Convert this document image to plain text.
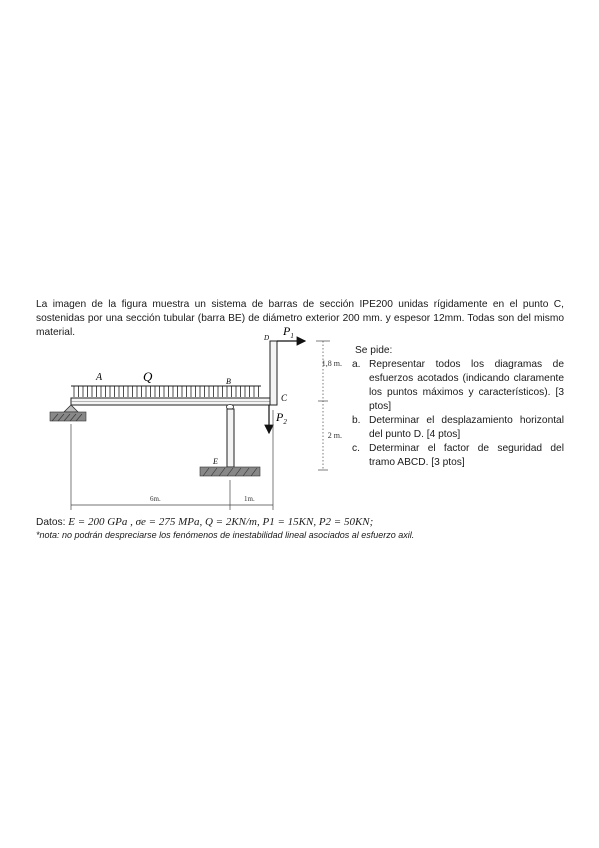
La imagen de la figura muestra un sistema de barras de sección IPE200 unidas rígidamente en el punto C, sostenidas por una sección tubular (barra BE) de diámetro exterior 200 mm. y espesor 12mm. Todas son del mismo material.
A	Q	B
C
D
E
$P_1$
$P_2$
1,8 m.
2 m.
6m.	1m.
Se pide:
a. Representar todos los diagramas de esfuerzos acotados (indicando claramente los puntos máximos y característicos). [3 ptos]
b. Determinar el desplazamiento horizontal del punto D. [4 ptos]
c. Determinar el factor de seguridad del tramo ABCD. [3 ptos]
Datos: E = 200 GPa , σe = 275 MPa, Q = 2KN/m, P1 = 15KN, P2 = 50KN;
*nota: no podrán despreciarse los fenómenos de inestabilidad lineal asociados al esfuerzo axil.
